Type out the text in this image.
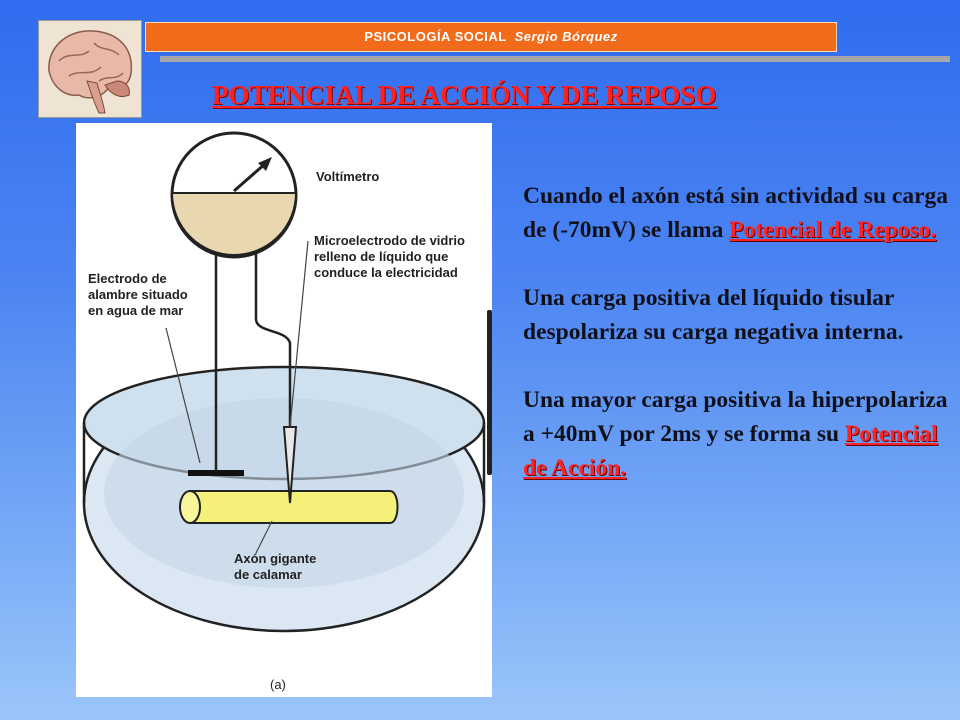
PSICOLOGÍA SOCIAL Sergio Bórquez
POTENCIAL DE ACCIÓN Y DE REPOSO
Voltímetro
Microelectrodo de vidrio
relleno de líquido que
conduce la electricidad
Electrodo de
alambre situado
en agua de mar
Axón gigante
de calamar
(a)

Cuando el axón está sin actividad su carga de (-70mV) se llama Potencial de Reposo.

Una carga positiva del líquido tisular despolariza su carga negativa interna.

Una mayor carga positiva la hiperpolariza a +40mV por 2ms y se forma su Potencial de Acción.
